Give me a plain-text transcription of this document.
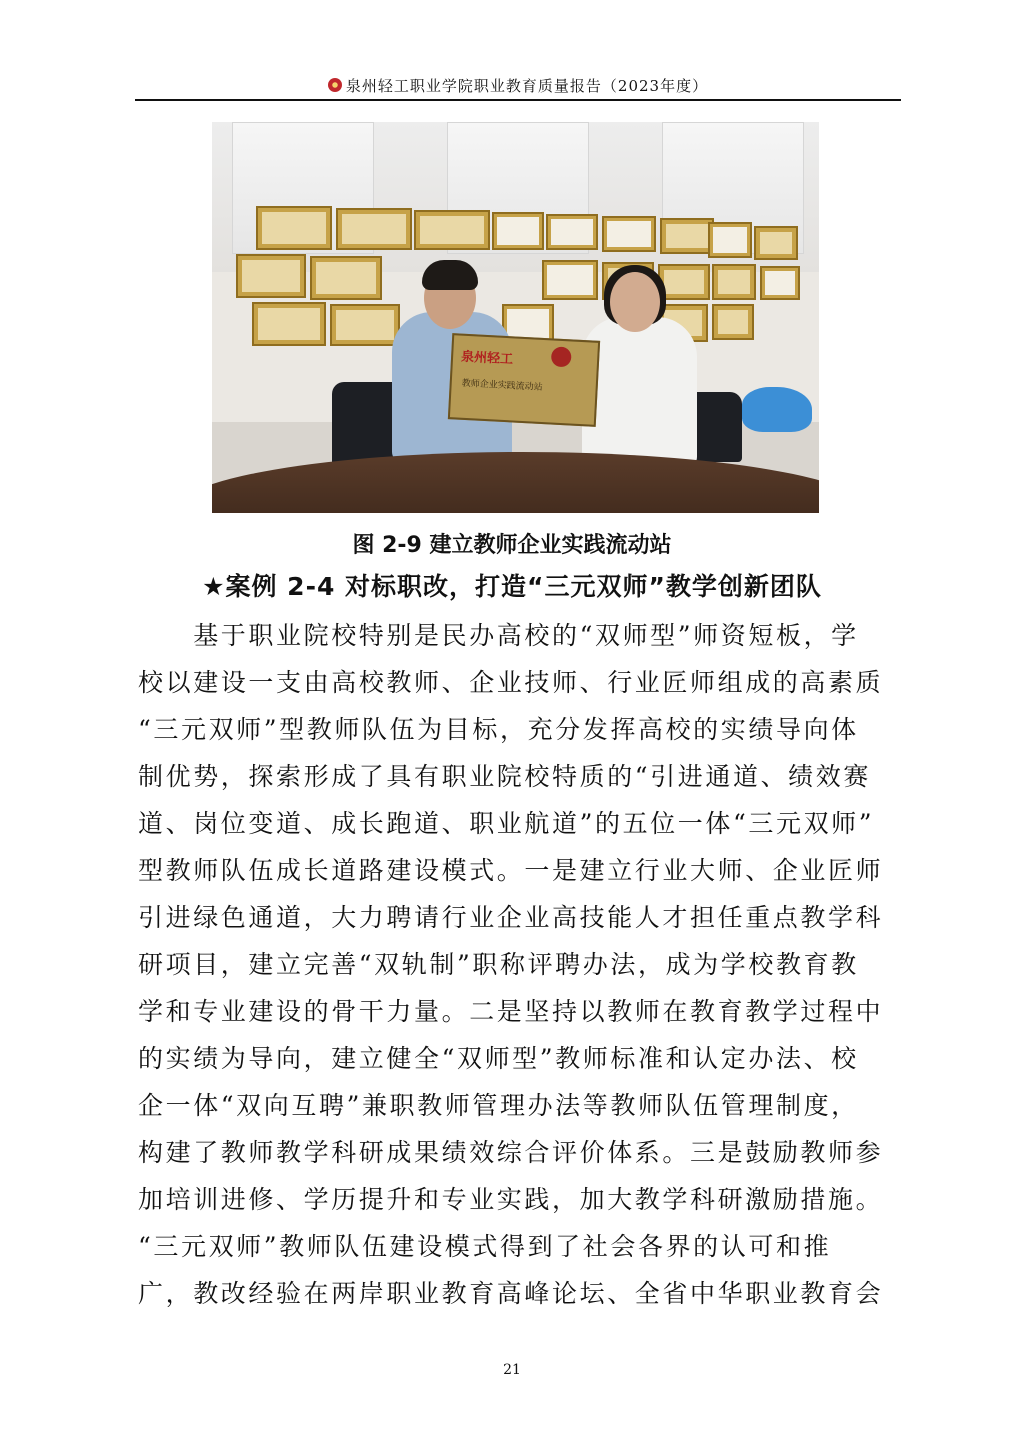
泉州轻工职业学院职业教育质量报告（2023年度）
泉州轻工
教师企业实践流动站
图 2-9 建立教师企业实践流动站
★案例 2-4 对标职改，打造“三元双师”教学创新团队
　　基于职业院校特别是民办高校的“双师型”师资短板，学
校以建设一支由高校教师、企业技师、行业匠师组成的高素质
“三元双师”型教师队伍为目标，充分发挥高校的实绩导向体
制优势，探索形成了具有职业院校特质的“引进通道、绩效赛
道、岗位变道、成长跑道、职业航道”的五位一体“三元双师”
型教师队伍成长道路建设模式。一是建立行业大师、企业匠师
引进绿色通道，大力聘请行业企业高技能人才担任重点教学科
研项目，建立完善“双轨制”职称评聘办法，成为学校教育教
学和专业建设的骨干力量。二是坚持以教师在教育教学过程中
的实绩为导向，建立健全“双师型”教师标准和认定办法、校
企一体“双向互聘”兼职教师管理办法等教师队伍管理制度，
构建了教师教学科研成果绩效综合评价体系。三是鼓励教师参
加培训进修、学历提升和专业实践，加大教学科研激励措施。
“三元双师”教师队伍建设模式得到了社会各界的认可和推
广，教改经验在两岸职业教育高峰论坛、全省中华职业教育会
21
